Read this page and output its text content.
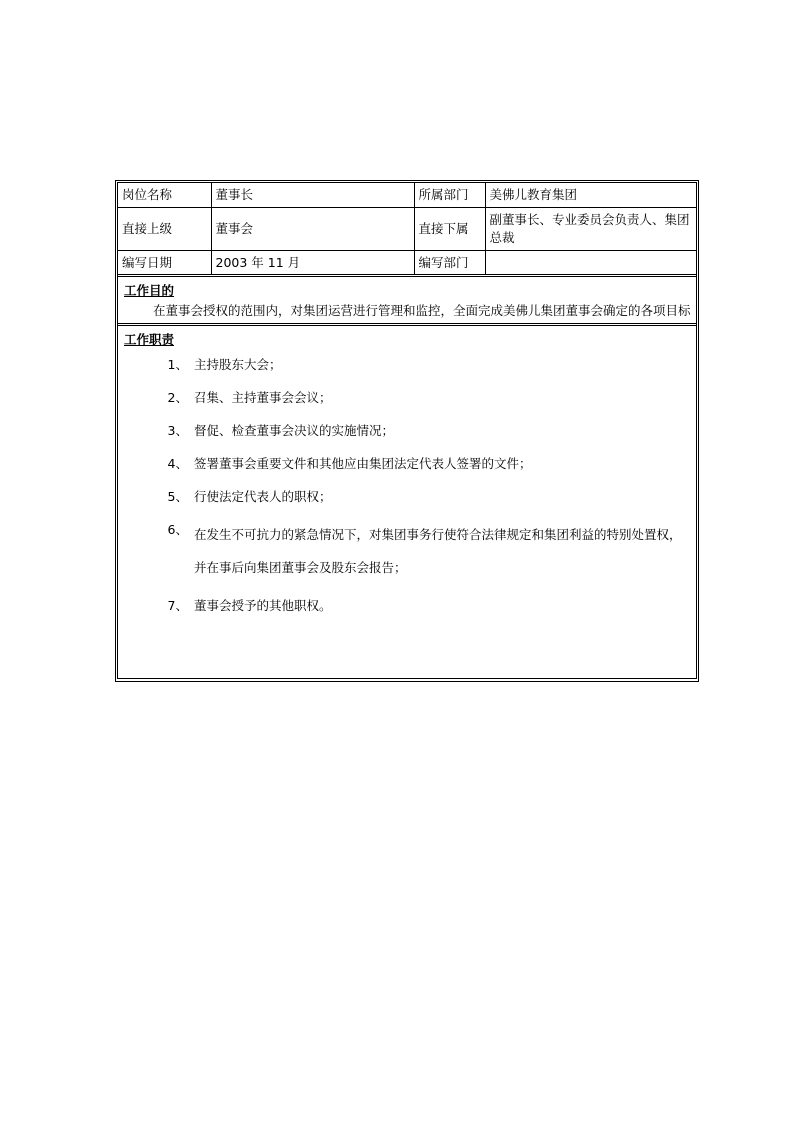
岗位名称	董事长	所属部门	美佛儿教育集团
直接上级	董事会	直接下属	副董事长、专业委员会负责人、集团总裁
编写日期	2003 年 11 月	编写部门	

工作目的

在董事会授权的范围内，对集团运营进行管理和监控，全面完成美佛儿集团董事会确定的各项目标

工作职责

1、 主持股东大会；
2、 召集、主持董事会会议；
3、 督促、检查董事会决议的实施情况；
4、 签署董事会重要文件和其他应由集团法定代表人签署的文件；
5、 行使法定代表人的职权；
6、 在发生不可抗力的紧急情况下，对集团事务行使符合法律规定和集团利益的特别处置权，并在事后向集团董事会及股东会报告；
7、 董事会授予的其他职权。
